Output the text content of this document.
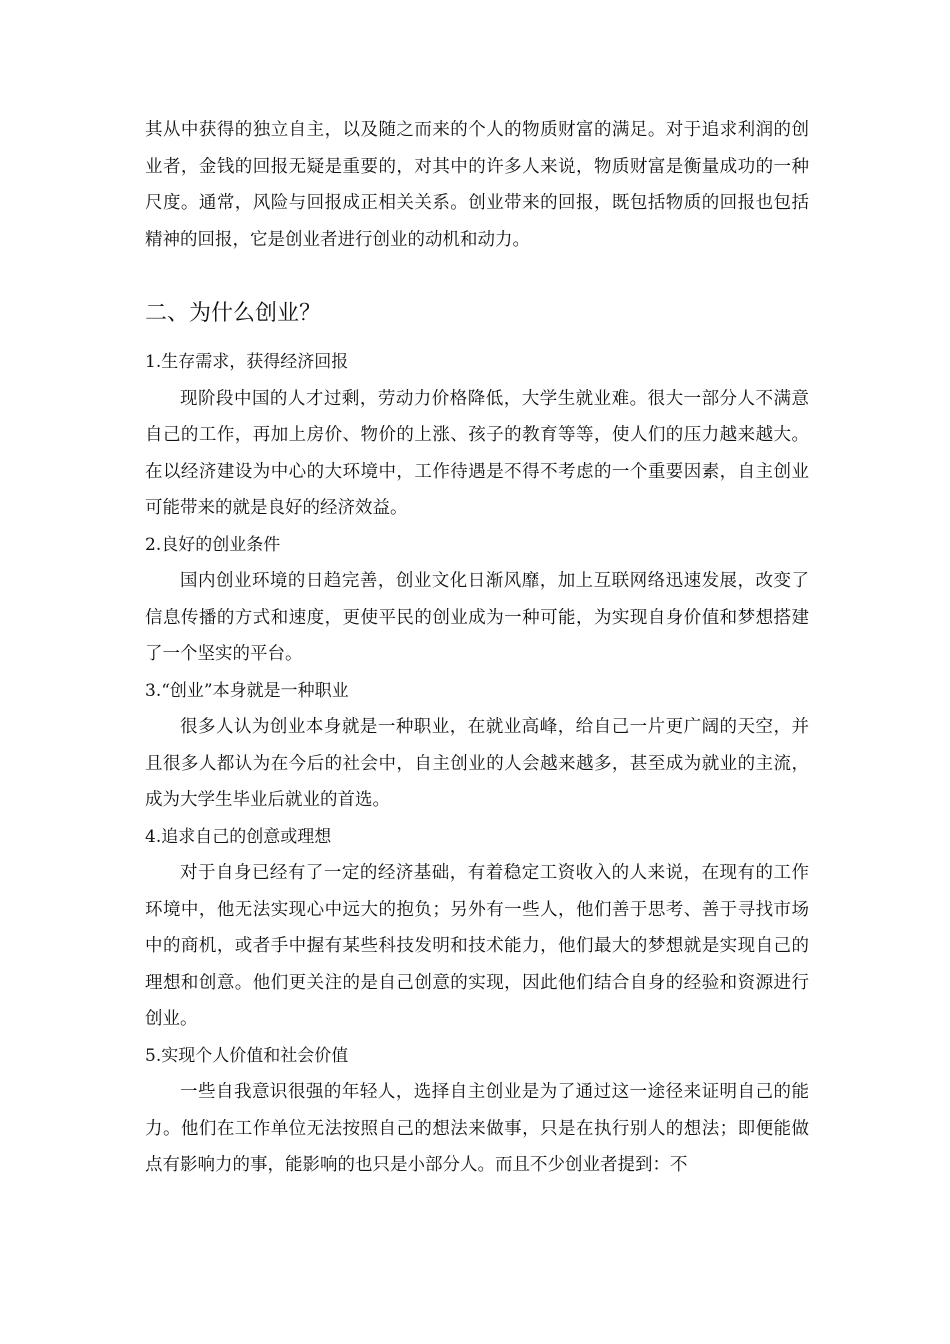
其从中获得的独立自主，以及随之而来的个人的物质财富的满足。对于追求利润的创业者，金钱的回报无疑是重要的，对其中的许多人来说，物质财富是衡量成功的一种尺度。通常，风险与回报成正相关关系。创业带来的回报，既包括物质的回报也包括精神的回报，它是创业者进行创业的动机和动力。

二、为什么创业？

1.生存需求，获得经济回报

现阶段中国的人才过剩，劳动力价格降低，大学生就业难。很大一部分人不满意自己的工作，再加上房价、物价的上涨、孩子的教育等等，使人们的压力越来越大。在以经济建设为中心的大环境中，工作待遇是不得不考虑的一个重要因素，自主创业可能带来的就是良好的经济效益。

2.良好的创业条件

国内创业环境的日趋完善，创业文化日渐风靡，加上互联网络迅速发展，改变了信息传播的方式和速度，更使平民的创业成为一种可能，为实现自身价值和梦想搭建了一个坚实的平台。

3.“创业”本身就是一种职业

很多人认为创业本身就是一种职业，在就业高峰，给自己一片更广阔的天空，并且很多人都认为在今后的社会中，自主创业的人会越来越多，甚至成为就业的主流，成为大学生毕业后就业的首选。

4.追求自己的创意或理想

对于自身已经有了一定的经济基础，有着稳定工资收入的人来说，在现有的工作环境中，他无法实现心中远大的抱负；另外有一些人，他们善于思考、善于寻找市场中的商机，或者手中握有某些科技发明和技术能力，他们最大的梦想就是实现自己的理想和创意。他们更关注的是自己创意的实现，因此他们结合自身的经验和资源进行创业。

5.实现个人价值和社会价值

一些自我意识很强的年轻人，选择自主创业是为了通过这一途径来证明自己的能力。他们在工作单位无法按照自己的想法来做事，只是在执行别人的想法；即便能做点有影响力的事，能影响的也只是小部分人。而且不少创业者提到：不
